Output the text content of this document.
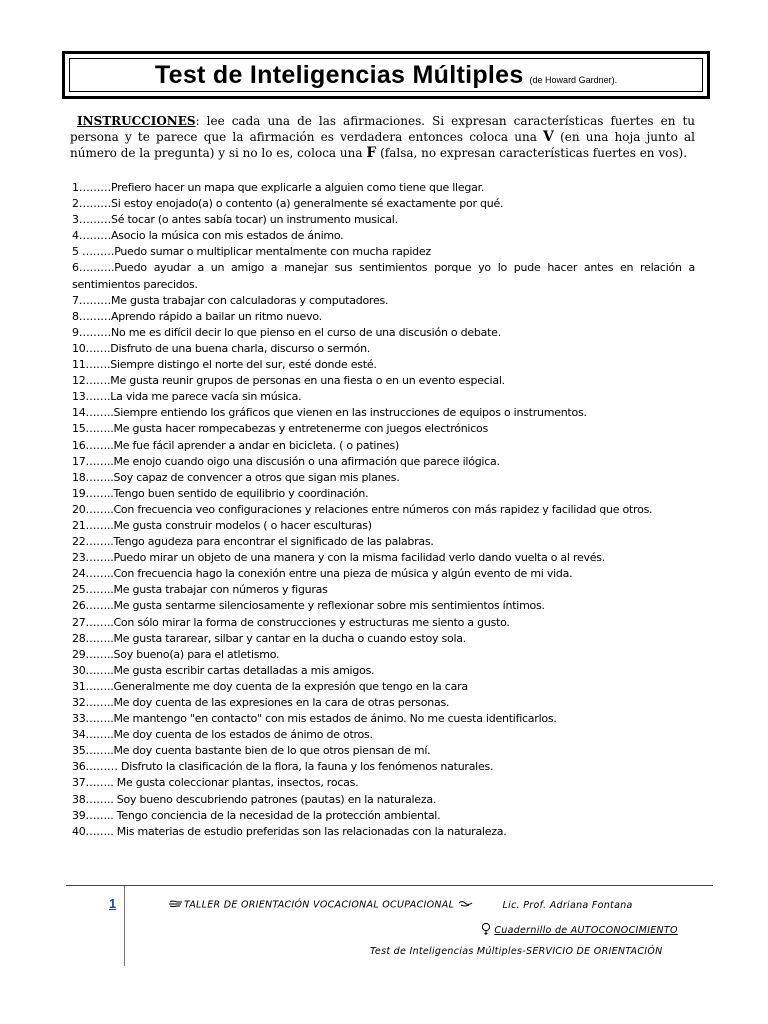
Test de Inteligencias Múltiples (de Howard Gardner).
INSTRUCCIONES: lee cada una de las afirmaciones. Si expresan características fuertes en tu persona y te parece que la afirmación es verdadera entonces coloca una V (en una hoja junto al número de la pregunta) y si no lo es, coloca una F (falsa, no expresan características fuertes en vos).
1………Prefiero hacer un mapa que explicarle a alguien como tiene que llegar.
2………Si estoy enojado(a) o contento (a) generalmente sé exactamente por qué.
3………Sé tocar (o antes sabía tocar) un instrumento musical.
4………Asocio la música con mis estados de ánimo.
5 ………Puedo sumar o multiplicar mentalmente con mucha rapidez
6……….Puedo ayudar a un amigo a manejar sus sentimientos porque yo lo pude hacer antes en relación a sentimientos parecidos.
7………Me gusta trabajar con calculadoras y computadores.
8………Aprendo rápido a bailar un ritmo nuevo.
9………No me es difícil decir lo que pienso en el curso de una discusión o debate.
10…….Disfruto de una buena charla, discurso o sermón.
11…….Siempre distingo el norte del sur, esté donde esté.
12…….Me gusta reunir grupos de personas en una fiesta o en un evento especial.
13…….La vida me parece vacía sin música.
14……..Siempre entiendo los gráficos que vienen en las instrucciones de equipos o instrumentos.
15……..Me gusta hacer rompecabezas y entretenerme con juegos electrónicos
16……..Me fue fácil aprender a andar en bicicleta. ( o patines)
17……..Me enojo cuando oigo una discusión o una afirmación que parece ilógica.
18……..Soy capaz de convencer a otros que sigan mis planes.
19……..Tengo buen sentido de equilibrio y coordinación.
20……..Con frecuencia veo configuraciones y relaciones entre números con más rapidez y facilidad que otros.
21……..Me gusta construir modelos ( o hacer esculturas)
22……..Tengo agudeza para encontrar el significado de las palabras.
23……..Puedo mirar un objeto de una manera y con la misma facilidad verlo dando vuelta o al revés.
24……..Con frecuencia hago la conexión entre una pieza de música y algún evento de mi vida.
25……..Me gusta trabajar con números y figuras
26……..Me gusta sentarme silenciosamente y reflexionar sobre mis sentimientos íntimos.
27……..Con sólo mirar la forma de construcciones y estructuras me siento a gusto.
28……..Me gusta tararear, silbar y cantar en la ducha o cuando estoy sola.
29……..Soy bueno(a) para el atletismo.
30……..Me gusta escribir cartas detalladas a mis amigos.
31……..Generalmente me doy cuenta de la expresión que tengo en la cara
32……..Me doy cuenta de las expresiones en la cara de otras personas.
33……..Me mantengo "en contacto" con mis estados de ánimo. No me cuesta identificarlos.
34……..Me doy cuenta de los estados de ánimo de otros.
35……..Me doy cuenta bastante bien de lo que otros piensan de mí.
36……… Disfruto la clasificación de la flora, la fauna y los fenómenos naturales.
37…….. Me gusta coleccionar plantas, insectos, rocas.
38…….. Soy bueno descubriendo patrones (pautas) en la naturaleza.
39…….. Tengo conciencia de la necesidad de la protección ambiental.
40…….. Mis materias de estudio preferidas son las relacionadas con la naturaleza.
1	TALLER DE ORIENTACIÓN VOCACIONAL OCUPACIONAL	Lic. Prof. Adriana Fontana
Cuadernillo de AUTOCONOCIMIENTO
Test de Inteligencias Múltiples-SERVICIO DE ORIENTACIÓN
